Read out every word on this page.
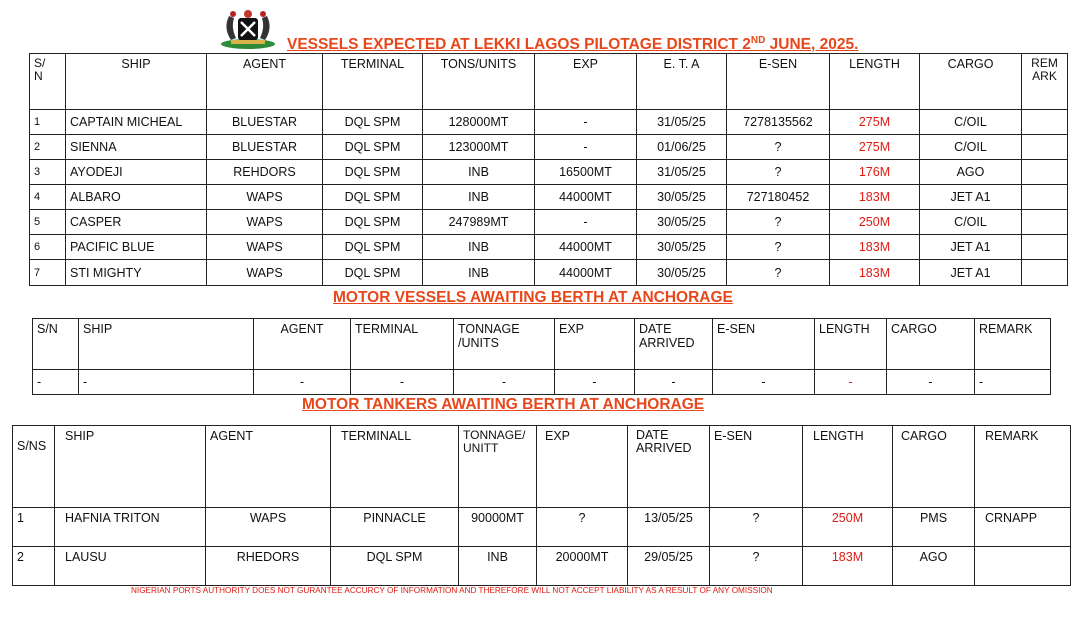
VESSELS EXPECTED AT LEKKI LAGOS PILOTAGE DISTRICT 2ND JUNE, 2025.
S/N	SHIP	AGENT	TERMINAL	TONS/UNITS	EXP	E. T. A	E-SEN	LENGTH	CARGO	REMARK

1	CAPTAIN MICHEAL	BLUESTAR	DQL SPM	128000MT	-	31/05/25	7278135562	275M	C/OIL	
2	SIENNA	BLUESTAR	DQL SPM	123000MT	-	01/06/25	?	275M	C/OIL	
3	AYODEJI	REHDORS	DQL SPM	INB	16500MT	31/05/25	?	176M	AGO	
4	ALBARO	WAPS	DQL SPM	INB	44000MT	30/05/25	727180452	183M	JET A1	
5	CASPER	WAPS	DQL SPM	247989MT	-	30/05/25	?	250M	C/OIL	
6	PACIFIC BLUE	WAPS	DQL SPM	INB	44000MT	30/05/25	?	183M	JET A1	
7	STI MIGHTY	WAPS	DQL SPM	INB	44000MT	30/05/25	?	183M	JET A1	
MOTOR VESSELS AWAITING BERTH AT ANCHORAGE
S/N	SHIP	AGENT	TERMINAL	TONNAGE /UNITS	EXP	DATE ARRIVED	E-SEN	LENGTH	CARGO	REMARK
-	-	-	-	-	-	-	-	-	-	-
MOTOR TANKERS AWAITING BERTH AT ANCHORAGE
S/NS	SHIP	AGENT	TERMINALL	TONNAGE/UNITT	EXP	DATE ARRIVED	E-SEN	LENGTH	CARGO	REMARK
1	HAFNIA TRITON	WAPS	PINNACLE	90000MT	?	13/05/25	?	250M	PMS	CRNAPP
2	LAUSU	RHEDORS	DQL SPM	INB	20000MT	29/05/25	?	183M	AGO	
NIGERIAN PORTS AUTHORITY DOES NOT GURANTEE ACCURCY OF INFORMATION AND THEREFORE WILL NOT ACCEPT LIABILITY AS A RESULT OF ANY OMISSION
